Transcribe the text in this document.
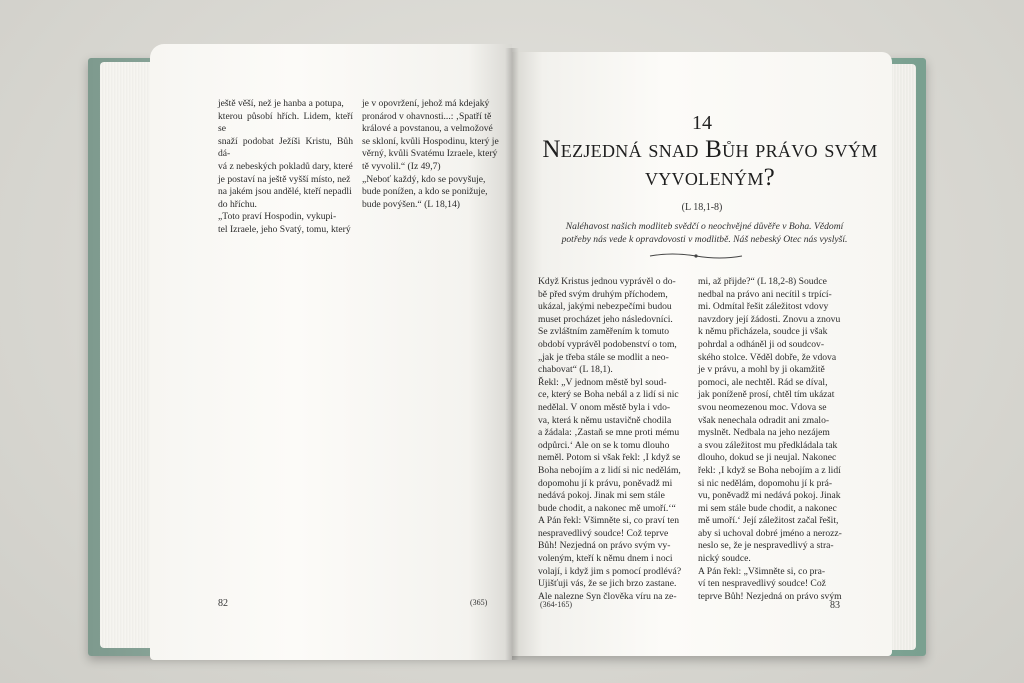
ještě věší, než je hanba a potupa,
kterou působí hřích. Lidem, kteří se
snaží podobat Ježíši Kristu, Bůh dá-
vá z nebeských pokladů dary, které
je postaví na ještě vyšší místo, než
na jakém jsou andělé, kteří nepadli
do hříchu.
„Toto praví Hospodin, vykupi-
tel Izraele, jeho Svatý, tomu, který
je v opovržení, jehož má kdejaký
pronárod v ohavnosti...: ‚Spatří tě
králové a povstanou, a velmožové
se skloní, kvůli Hospodinu, který je
věrný, kvůli Svatému Izraele, který
tě vyvolil.“ (Iz 49,7)
„Neboť každý, kdo se povyšuje,
bude ponížen, a kdo se ponižuje,
bude povýšen.“ (L 18,14)
82	(365)
14
Nezjedná snad Bůh právo svým vyvoleným?
(L 18,1-8)
Naléhavost našich modliteb svědčí o neochvějné důvěře v Boha. Vědomí potřeby nás vede k opravdovosti v modlitbě. Náš nebeský Otec nás vyslyší.
Když Kristus jednou vyprávěl o do-
bě před svým druhým příchodem,
ukázal, jakými nebezpečími budou
muset procházet jeho následovníci.
Se zvláštním zaměřením k tomuto
období vyprávěl podobenství o tom,
„jak je třeba stále se modlit a neo-
chabovat“ (L 18,1).
Řekl: „V jednom městě byl soud-
ce, který se Boha nebál a z lidí si nic
nedělal. V onom městě byla i vdo-
va, která k němu ustavičně chodila
a žádala: ‚Zastaň se mne proti mému
odpůrci.‘ Ale on se k tomu dlouho
neměl. Potom si však řekl: ‚I když se
Boha nebojím a z lidí si nic nedělám,
dopomohu jí k právu, poněvadž mi
nedává pokoj. Jinak mi sem stále
bude chodit, a nakonec mě umoří.‘“
A Pán řekl: Všimněte si, co praví ten
nespravedlivý soudce! Což teprve
Bůh! Nezjedná on právo svým vy-
voleným, kteří k němu dnem i noci
volají, i když jim s pomocí prodlévá?
Ujišťuji vás, že se jich brzo zastane.
Ale nalezne Syn člověka víru na ze-
mi, až přijde?“ (L 18,2-8) Soudce
nedbal na právo ani necítil s trpící-
mi. Odmítal řešit záležitost vdovy
navzdory její žádosti. Znovu a znovu
k němu přicházela, soudce ji však
pohrdal a odháněl ji od soudcov-
ského stolce. Věděl dobře, že vdova
je v právu, a mohl by ji okamžitě
pomoci, ale nechtěl. Rád se díval,
jak poníženě prosí, chtěl tím ukázat
svou neomezenou moc. Vdova se
však nenechala odradit ani zmalo-
myslnět. Nedbala na jeho nezájem
a svou záležitost mu předkládala tak
dlouho, dokud se ji neujal. Nakonec
řekl: ‚I když se Boha nebojím a z lidí
si nic nedělám, dopomohu jí k prá-
vu, poněvadž mi nedává pokoj. Jinak
mi sem stále bude chodit, a nakonec
mě umoří.‘ Její záležitost začal řešit,
aby si uchoval dobré jméno a nerozz-
neslo se, že je nespravedlivý a stra-
nický soudce.
A Pán řekl: „Všimněte si, co pra-
ví ten nespravedlivý soudce! Což
teprve Bůh! Nezjedná on právo svým
(364-165)	83
